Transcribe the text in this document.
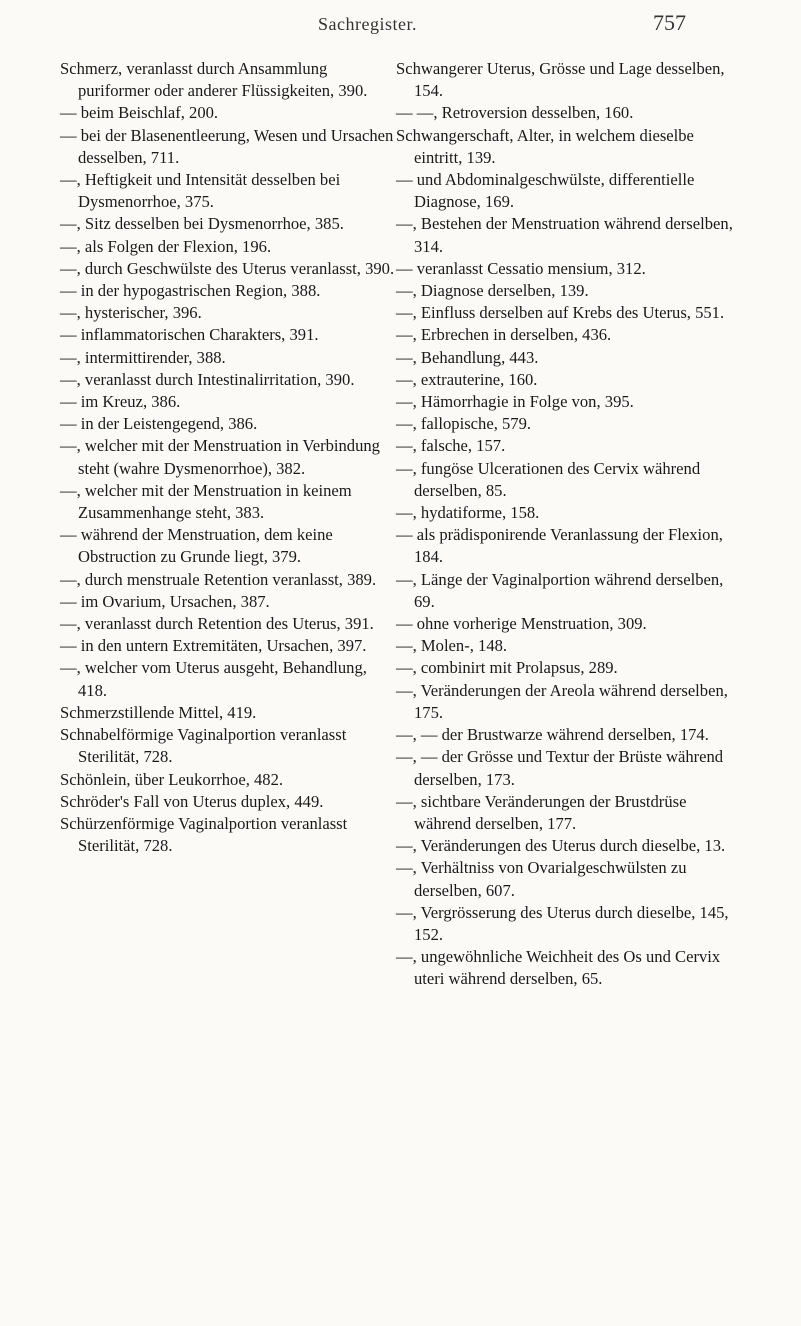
Sachregister.	757

Schmerz, veranlasst durch Ansammlung puriformer oder anderer Flüssigkeiten, 390.

— beim Beischlaf, 200.

— bei der Blasenentleerung, Wesen und Ursachen desselben, 711.

—, Heftigkeit und Intensität desselben bei Dysmenorrhoe, 375.

—, Sitz desselben bei Dysmenorrhoe, 385.

—, als Folgen der Flexion, 196.

—, durch Geschwülste des Uterus veranlasst, 390.

— in der hypogastrischen Region, 388.

—, hysterischer, 396.

— inflammatorischen Charakters, 391.

—, intermittirender, 388.

—, veranlasst durch Intestinalirritation, 390.

— im Kreuz, 386.

— in der Leistengegend, 386.

—, welcher mit der Menstruation in Verbindung steht (wahre Dysmenorrhoe), 382.

—, welcher mit der Menstruation in keinem Zusammenhange steht, 383.

— während der Menstruation, dem keine Obstruction zu Grunde liegt, 379.

—, durch menstruale Retention veranlasst, 389.

— im Ovarium, Ursachen, 387.

—, veranlasst durch Retention des Uterus, 391.

— in den untern Extremitäten, Ursachen, 397.

—, welcher vom Uterus ausgeht, Behandlung, 418.

Schmerzstillende Mittel, 419.

Schnabelförmige Vaginalportion veranlasst Sterilität, 728.

Schönlein, über Leukorrhoe, 482.

Schröder's Fall von Uterus duplex, 449.

Schürzenförmige Vaginalportion veranlasst Sterilität, 728.

Schwangerer Uterus, Grösse und Lage desselben, 154.

— —, Retroversion desselben, 160.

Schwangerschaft, Alter, in welchem dieselbe eintritt, 139.

— und Abdominalgeschwülste, differentielle Diagnose, 169.

—, Bestehen der Menstruation während derselben, 314.

— veranlasst Cessatio mensium, 312.

—, Diagnose derselben, 139.

—, Einfluss derselben auf Krebs des Uterus, 551.

—, Erbrechen in derselben, 436.

—, Behandlung, 443.

—, extrauterine, 160.

—, Hämorrhagie in Folge von, 395.

—, fallopische, 579.

—, falsche, 157.

—, fungöse Ulcerationen des Cervix während derselben, 85.

—, hydatiforme, 158.

— als prädisponirende Veranlassung der Flexion, 184.

—, Länge der Vaginalportion während derselben, 69.

— ohne vorherige Menstruation, 309.

—, Molen-, 148.

—, combinirt mit Prolapsus, 289.

—, Veränderungen der Areola während derselben, 175.

—, — der Brustwarze während derselben, 174.

—, — der Grösse und Textur der Brüste während derselben, 173.

—, sichtbare Veränderungen der Brustdrüse während derselben, 177.

—, Veränderungen des Uterus durch dieselbe, 13.

—, Verhältniss von Ovarialgeschwülsten zu derselben, 607.

—, Vergrösserung des Uterus durch dieselbe, 145, 152.

—, ungewöhnliche Weichheit des Os und Cervix uteri während derselben, 65.
